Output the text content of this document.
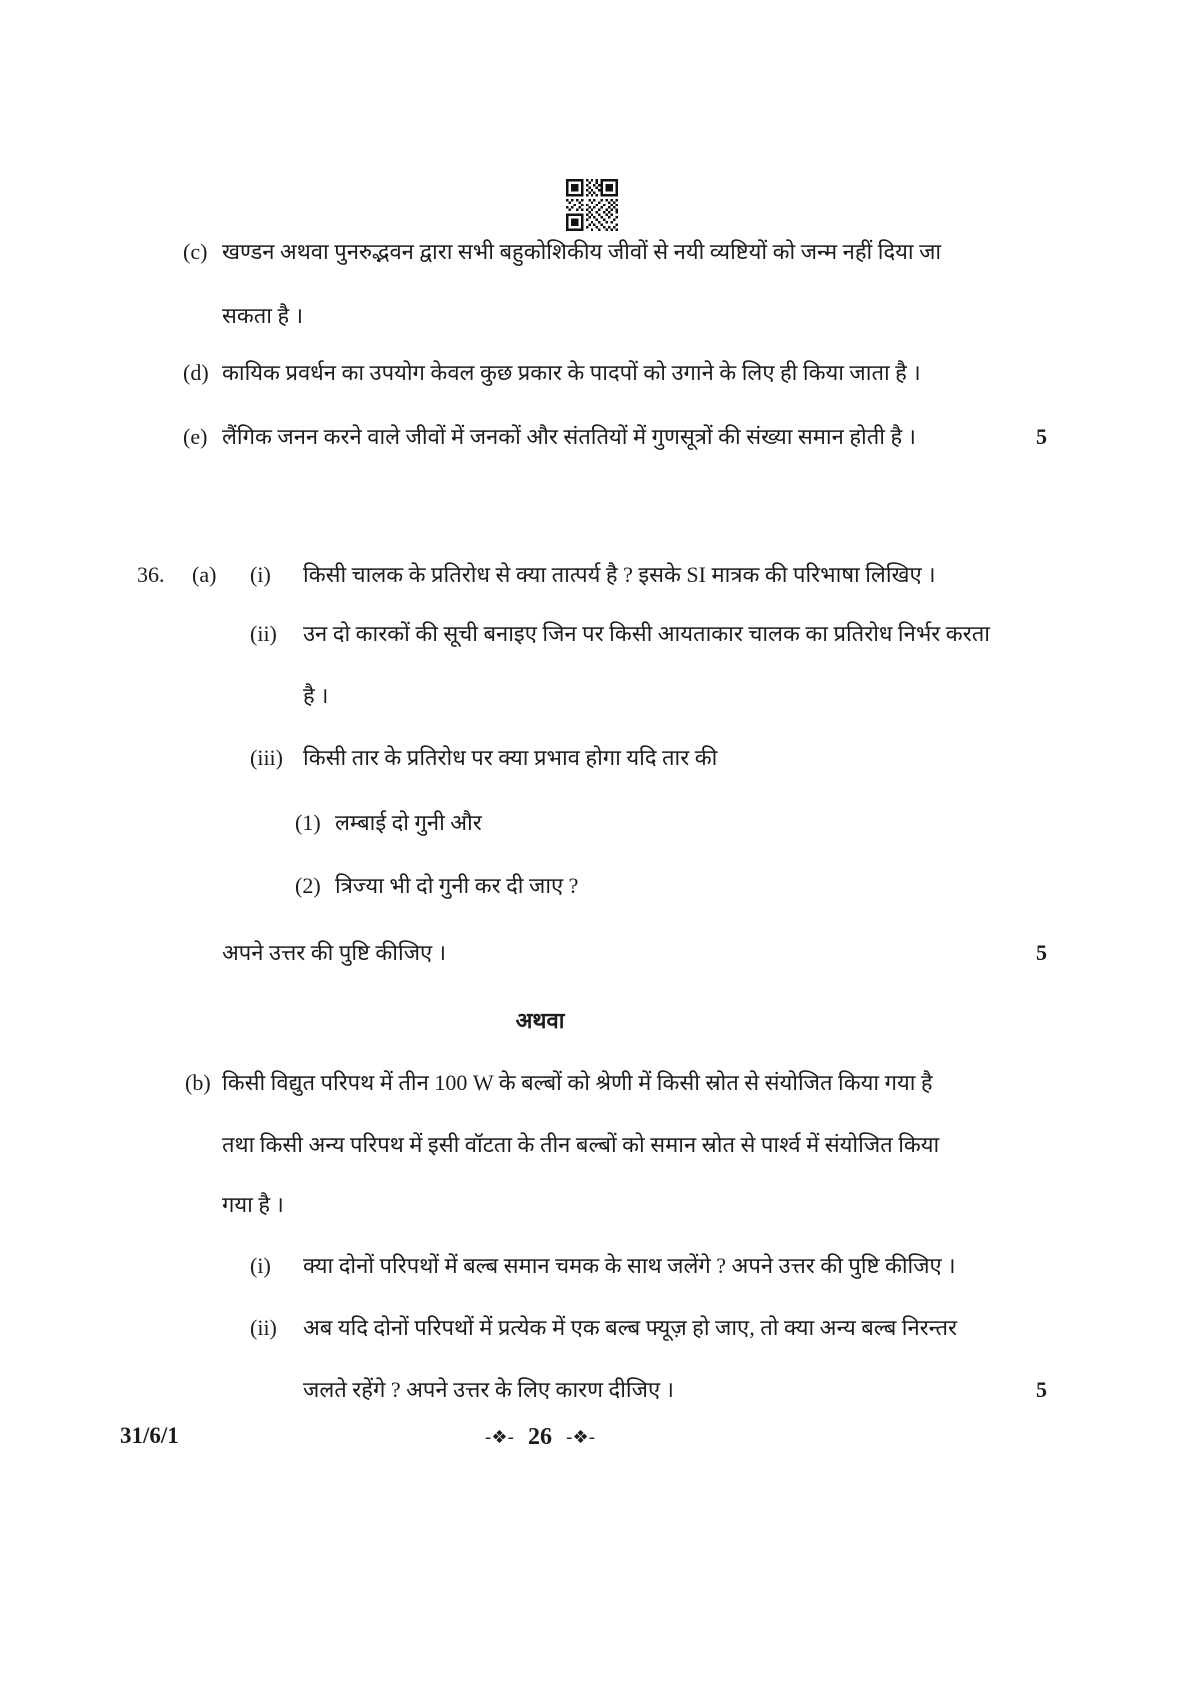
(c) खण्डन अथवा पुनरुद्भवन द्वारा सभी बहुकोशिकीय जीवों से नयी व्यष्टियों को जन्म नहीं दिया जा
सकता है ।
(d) कायिक प्रवर्धन का उपयोग केवल कुछ प्रकार के पादपों को उगाने के लिए ही किया जाता है ।
(e) लैंगिक जनन करने वाले जीवों में जनकों और संततियों में गुणसूत्रों की संख्या समान होती है ।	5
36. (a) (i) किसी चालक के प्रतिरोध से क्या तात्पर्य है ? इसके SI मात्रक की परिभाषा लिखिए ।
(ii) उन दो कारकों की सूची बनाइए जिन पर किसी आयताकार चालक का प्रतिरोध निर्भर करता
है ।
(iii) किसी तार के प्रतिरोध पर क्या प्रभाव होगा यदि तार की
(1) लम्बाई दो गुनी और
(2) त्रिज्या भी दो गुनी कर दी जाए ?
अपने उत्तर की पुष्टि कीजिए ।	5
अथवा
(b) किसी विद्युत परिपथ में तीन 100 W के बल्बों को श्रेणी में किसी स्रोत से संयोजित किया गया है
तथा किसी अन्य परिपथ में इसी वॉटता के तीन बल्बों को समान स्रोत से पार्श्व में संयोजित किया
गया है ।
(i) क्या दोनों परिपथों में बल्ब समान चमक के साथ जलेंगे ? अपने उत्तर की पुष्टि कीजिए ।
(ii) अब यदि दोनों परिपथों में प्रत्येक में एक बल्ब फ्यूज़ हो जाए, तो क्या अन्य बल्ब निरन्तर
जलते रहेंगे ? अपने उत्तर के लिए कारण दीजिए ।	5
31/6/1	-❖- 26 -❖-
